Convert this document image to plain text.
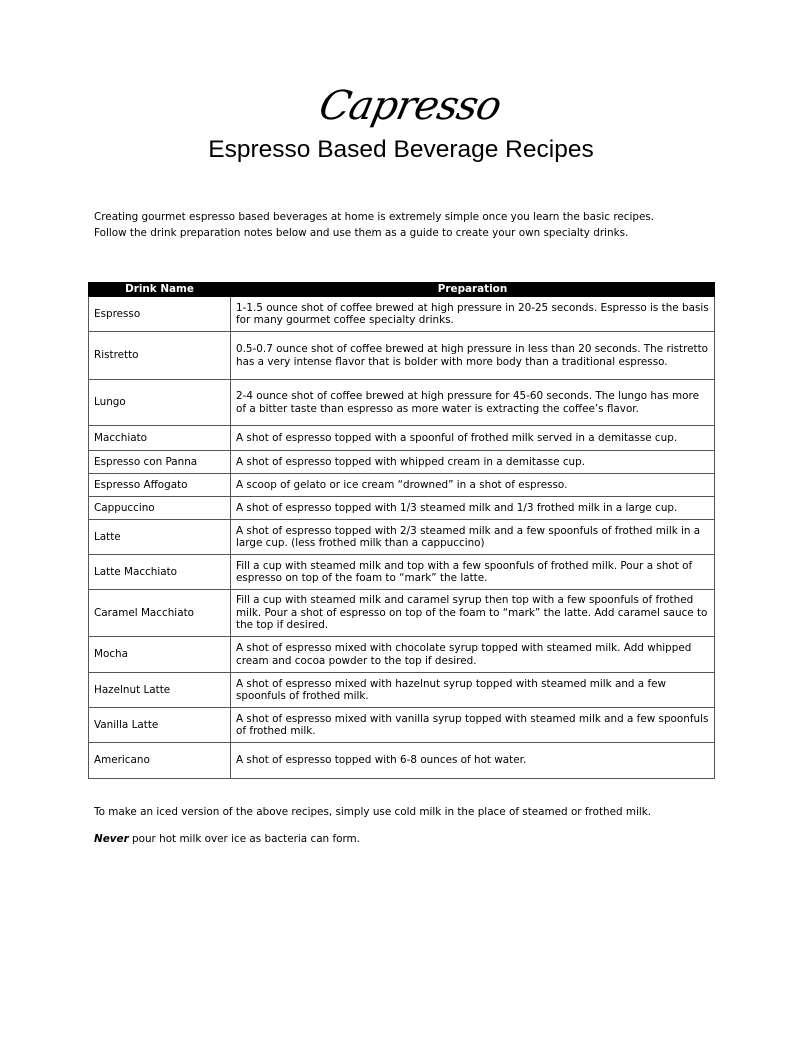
Capresso
Espresso Based Beverage Recipes
Creating gourmet espresso based beverages at home is extremely simple once you learn the basic recipes.
Follow the drink preparation notes below and use them as a guide to create your own specialty drinks.
Drink Name	Preparation
Espresso	1-1.5 ounce shot of coffee brewed at high pressure in 20-25 seconds. Espresso is the basis for many gourmet coffee specialty drinks.
Ristretto	0.5-0.7 ounce shot of coffee brewed at high pressure in less than 20 seconds. The ristretto has a very intense flavor that is bolder with more body than a traditional espresso.
Lungo	2-4 ounce shot of coffee brewed at high pressure for 45-60 seconds. The lungo has more of a bitter taste than espresso as more water is extracting the coffee’s flavor.
Macchiato	A shot of espresso topped with a spoonful of frothed milk served in a demitasse cup.
Espresso con Panna	A shot of espresso topped with whipped cream in a demitasse cup.
Espresso Affogato	A scoop of gelato or ice cream “drowned” in a shot of espresso.
Cappuccino	A shot of espresso topped with 1/3 steamed milk and 1/3 frothed milk in a large cup.
Latte	A shot of espresso topped with 2/3 steamed milk and a few spoonfuls of frothed milk in a large cup. (less frothed milk than a cappuccino)
Latte Macchiato	Fill a cup with steamed milk and top with a few spoonfuls of frothed milk. Pour a shot of espresso on top of the foam to “mark” the latte.
Caramel Macchiato	Fill a cup with steamed milk and caramel syrup then top with a few spoonfuls of frothed milk. Pour a shot of espresso on top of the foam to “mark” the latte. Add caramel sauce to the top if desired.
Mocha	A shot of espresso mixed with chocolate syrup topped with steamed milk. Add whipped cream and cocoa powder to the top if desired.
Hazelnut Latte	A shot of espresso mixed with hazelnut syrup topped with steamed milk and a few spoonfuls of frothed milk.
Vanilla Latte	A shot of espresso mixed with vanilla syrup topped with steamed milk and a few spoonfuls of frothed milk.
Americano	A shot of espresso topped with 6-8 ounces of hot water.
To make an iced version of the above recipes, simply use cold milk in the place of steamed or frothed milk.
Never pour hot milk over ice as bacteria can form.
